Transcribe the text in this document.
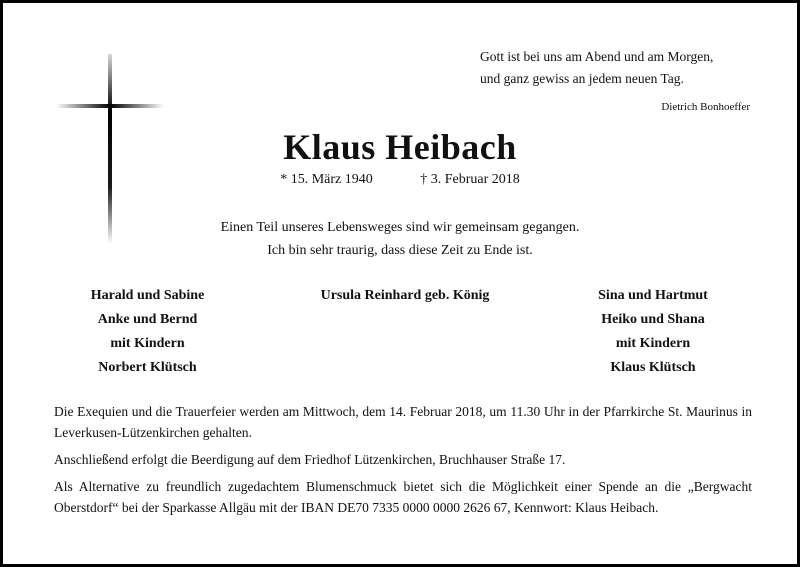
Gott ist bei uns am Abend und am Morgen,
und ganz gewiss an jedem neuen Tag.
Dietrich Bonhoeffer
Klaus Heibach
* 15. März 1940	† 3. Februar 2018
Einen Teil unseres Lebensweges sind wir gemeinsam gegangen.
Ich bin sehr traurig, dass diese Zeit zu Ende ist.
Harald und Sabine
Anke und Bernd
mit Kindern
Norbert Klütsch
Ursula Reinhard geb. König	Sina und Hartmut
Heiko und Shana
mit Kindern
Klaus Klütsch

Die Exequien und die Trauerfeier werden am Mittwoch, dem 14. Februar 2018, um 11.30 Uhr in der Pfarrkirche St. Maurinus in Leverkusen-Lützenkirchen gehalten.

Anschließend erfolgt die Beerdigung auf dem Friedhof Lützenkirchen, Bruchhauser Straße 17.

Als Alternative zu freundlich zugedachtem Blumenschmuck bietet sich die Möglichkeit einer Spende an die „Bergwacht Oberstdorf“ bei der Sparkasse Allgäu mit der IBAN DE70 7335 0000 0000 2626 67, Kennwort: Klaus Heibach.
